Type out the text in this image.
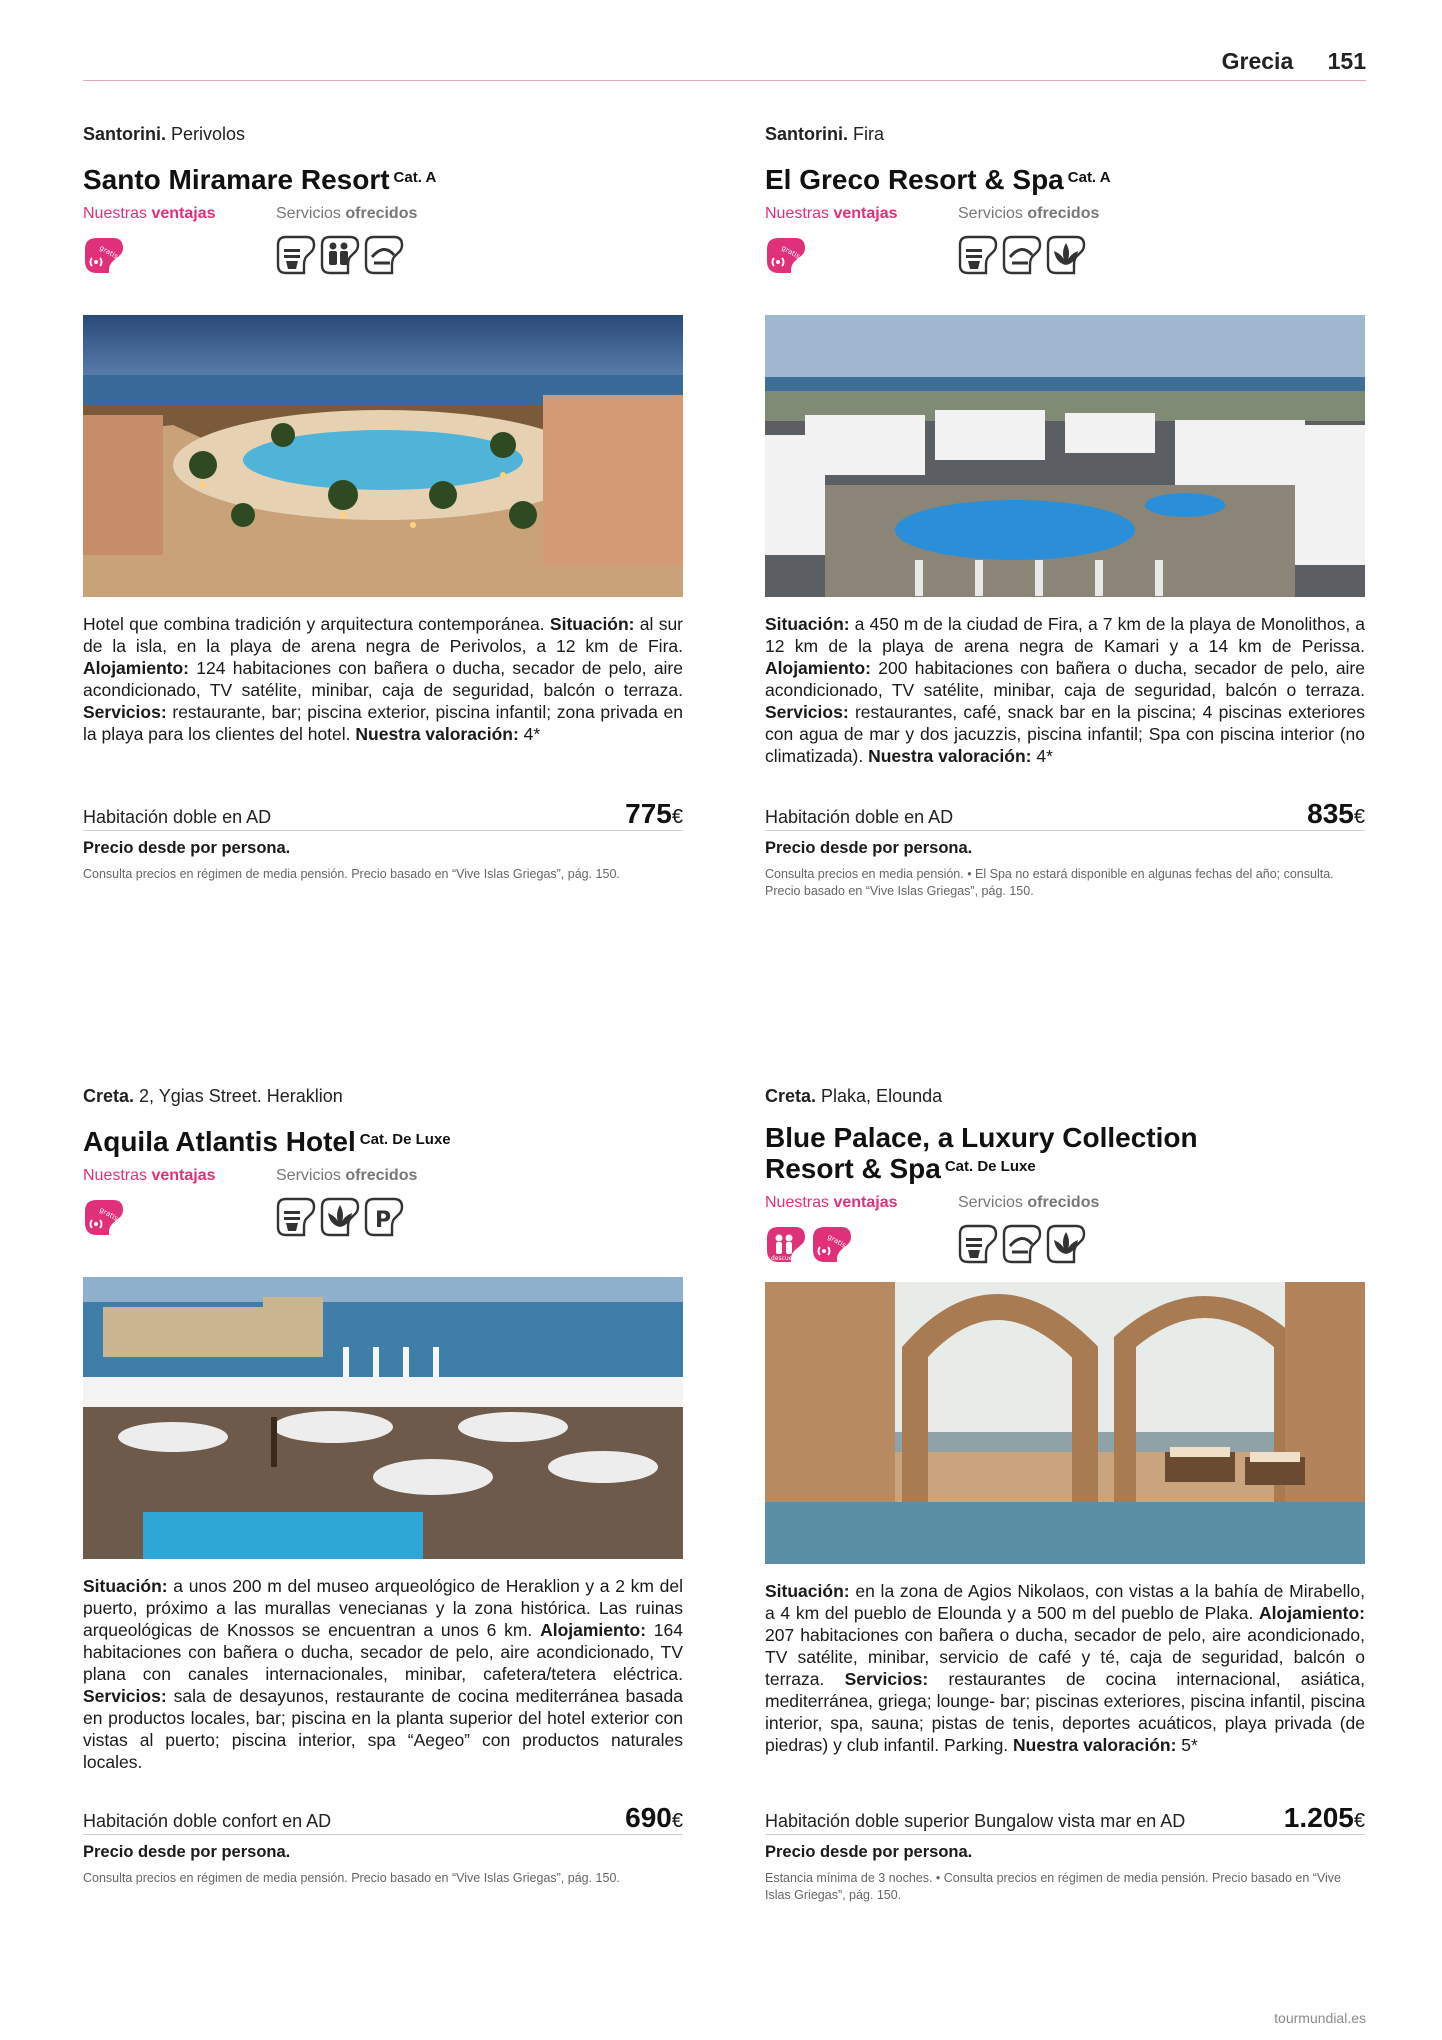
Grecia 151
Santorini. Perivolos
Santo Miramare Resort $^{Cat. A}$
Nuestras ventajas	Servicios ofrecidos
gratis
Hotel que combina tradición y arquitectura contemporánea. Situación: al sur de la isla, en la playa de arena negra de Perivolos, a 12 km de Fira. Alojamiento: 124 habitaciones con bañera o ducha, secador de pelo, aire acondicionado, TV satélite, minibar, caja de seguridad, balcón o terraza. Servicios: restaurante, bar; piscina exterior, piscina infantil; zona privada en la playa para los clientes del hotel. Nuestra valoración: 4*
Habitación doble en AD	775€
Precio desde por persona.
Consulta precios en régimen de media pensión. Precio basado en “Vive Islas Griegas”, pág. 150.
Santorini. Fira
El Greco Resort & Spa $^{Cat. A}$
Nuestras ventajas	Servicios ofrecidos
gratis
Situación: a 450 m de la ciudad de Fira, a 7 km de la playa de Monolithos, a 12 km de la playa de arena negra de Kamari y a 14 km de Perissa. Alojamiento: 200 habitaciones con bañera o ducha, secador de pelo, aire acondicionado, TV satélite, minibar, caja de seguridad, balcón o terraza. Servicios: restaurantes, café, snack bar en la piscina; 4 piscinas exteriores con agua de mar y dos jacuzzis, piscina infantil; Spa con piscina interior (no climatizada). Nuestra valoración: 4*
Habitación doble en AD	835€
Precio desde por persona.
Consulta precios en media pensión. • El Spa no estará disponible en algunas fechas del año; consulta. Precio basado en “Vive Islas Griegas”, pág. 150.
Creta. 2, Ygias Street. Heraklion
Aquila Atlantis Hotel $^{Cat. De Luxe}$
Nuestras ventajas	Servicios ofrecidos
gratis	P
Situación: a unos 200 m del museo arqueológico de Heraklion y a 2 km del puerto, próximo a las murallas venecianas y la zona histórica. Las ruinas arqueológicas de Knossos se encuentran a unos 6 km. Alojamiento: 164 habitaciones con bañera o ducha, secador de pelo, aire acondicionado, TV plana con canales internacionales, minibar, cafetera/tetera eléctrica. Servicios: sala de desayunos, restaurante de cocina mediterránea basada en productos locales, bar; piscina en la planta superior del hotel exterior con vistas al puerto; piscina interior, spa “Aegeo” con productos naturales locales.
Habitación doble confort en AD	690€
Precio desde por persona.
Consulta precios en régimen de media pensión. Precio basado en “Vive Islas Griegas”, pág. 150.
Creta. Plaka, Elounda
Blue Palace, a Luxury Collection
Resort & Spa $^{Cat. De Luxe}$
Nuestras ventajas	Servicios ofrecidos
descuento
gratis
Situación: en la zona de Agios Nikolaos, con vistas a la bahía de Mirabello, a 4 km del pueblo de Elounda y a 500 m del pueblo de Plaka. Alojamiento: 207 habitaciones con bañera o ducha, secador de pelo, aire acondicionado, TV satélite, minibar, servicio de café y té, caja de seguridad, balcón o terraza. Servicios: restaurantes de cocina internacional, asiática, mediterránea, griega; lounge- bar; piscinas exteriores, piscina infantil, piscina interior, spa, sauna; pistas de tenis, deportes acuáticos, playa privada (de piedras) y club infantil. Parking. Nuestra valoración: 5*
Habitación doble superior Bungalow vista mar en AD	1.205€
Precio desde por persona.
Estancia mínima de 3 noches. • Consulta precios en régimen de media pensión. Precio basado en “Vive Islas Griegas”, pág. 150.
tourmundial.es
